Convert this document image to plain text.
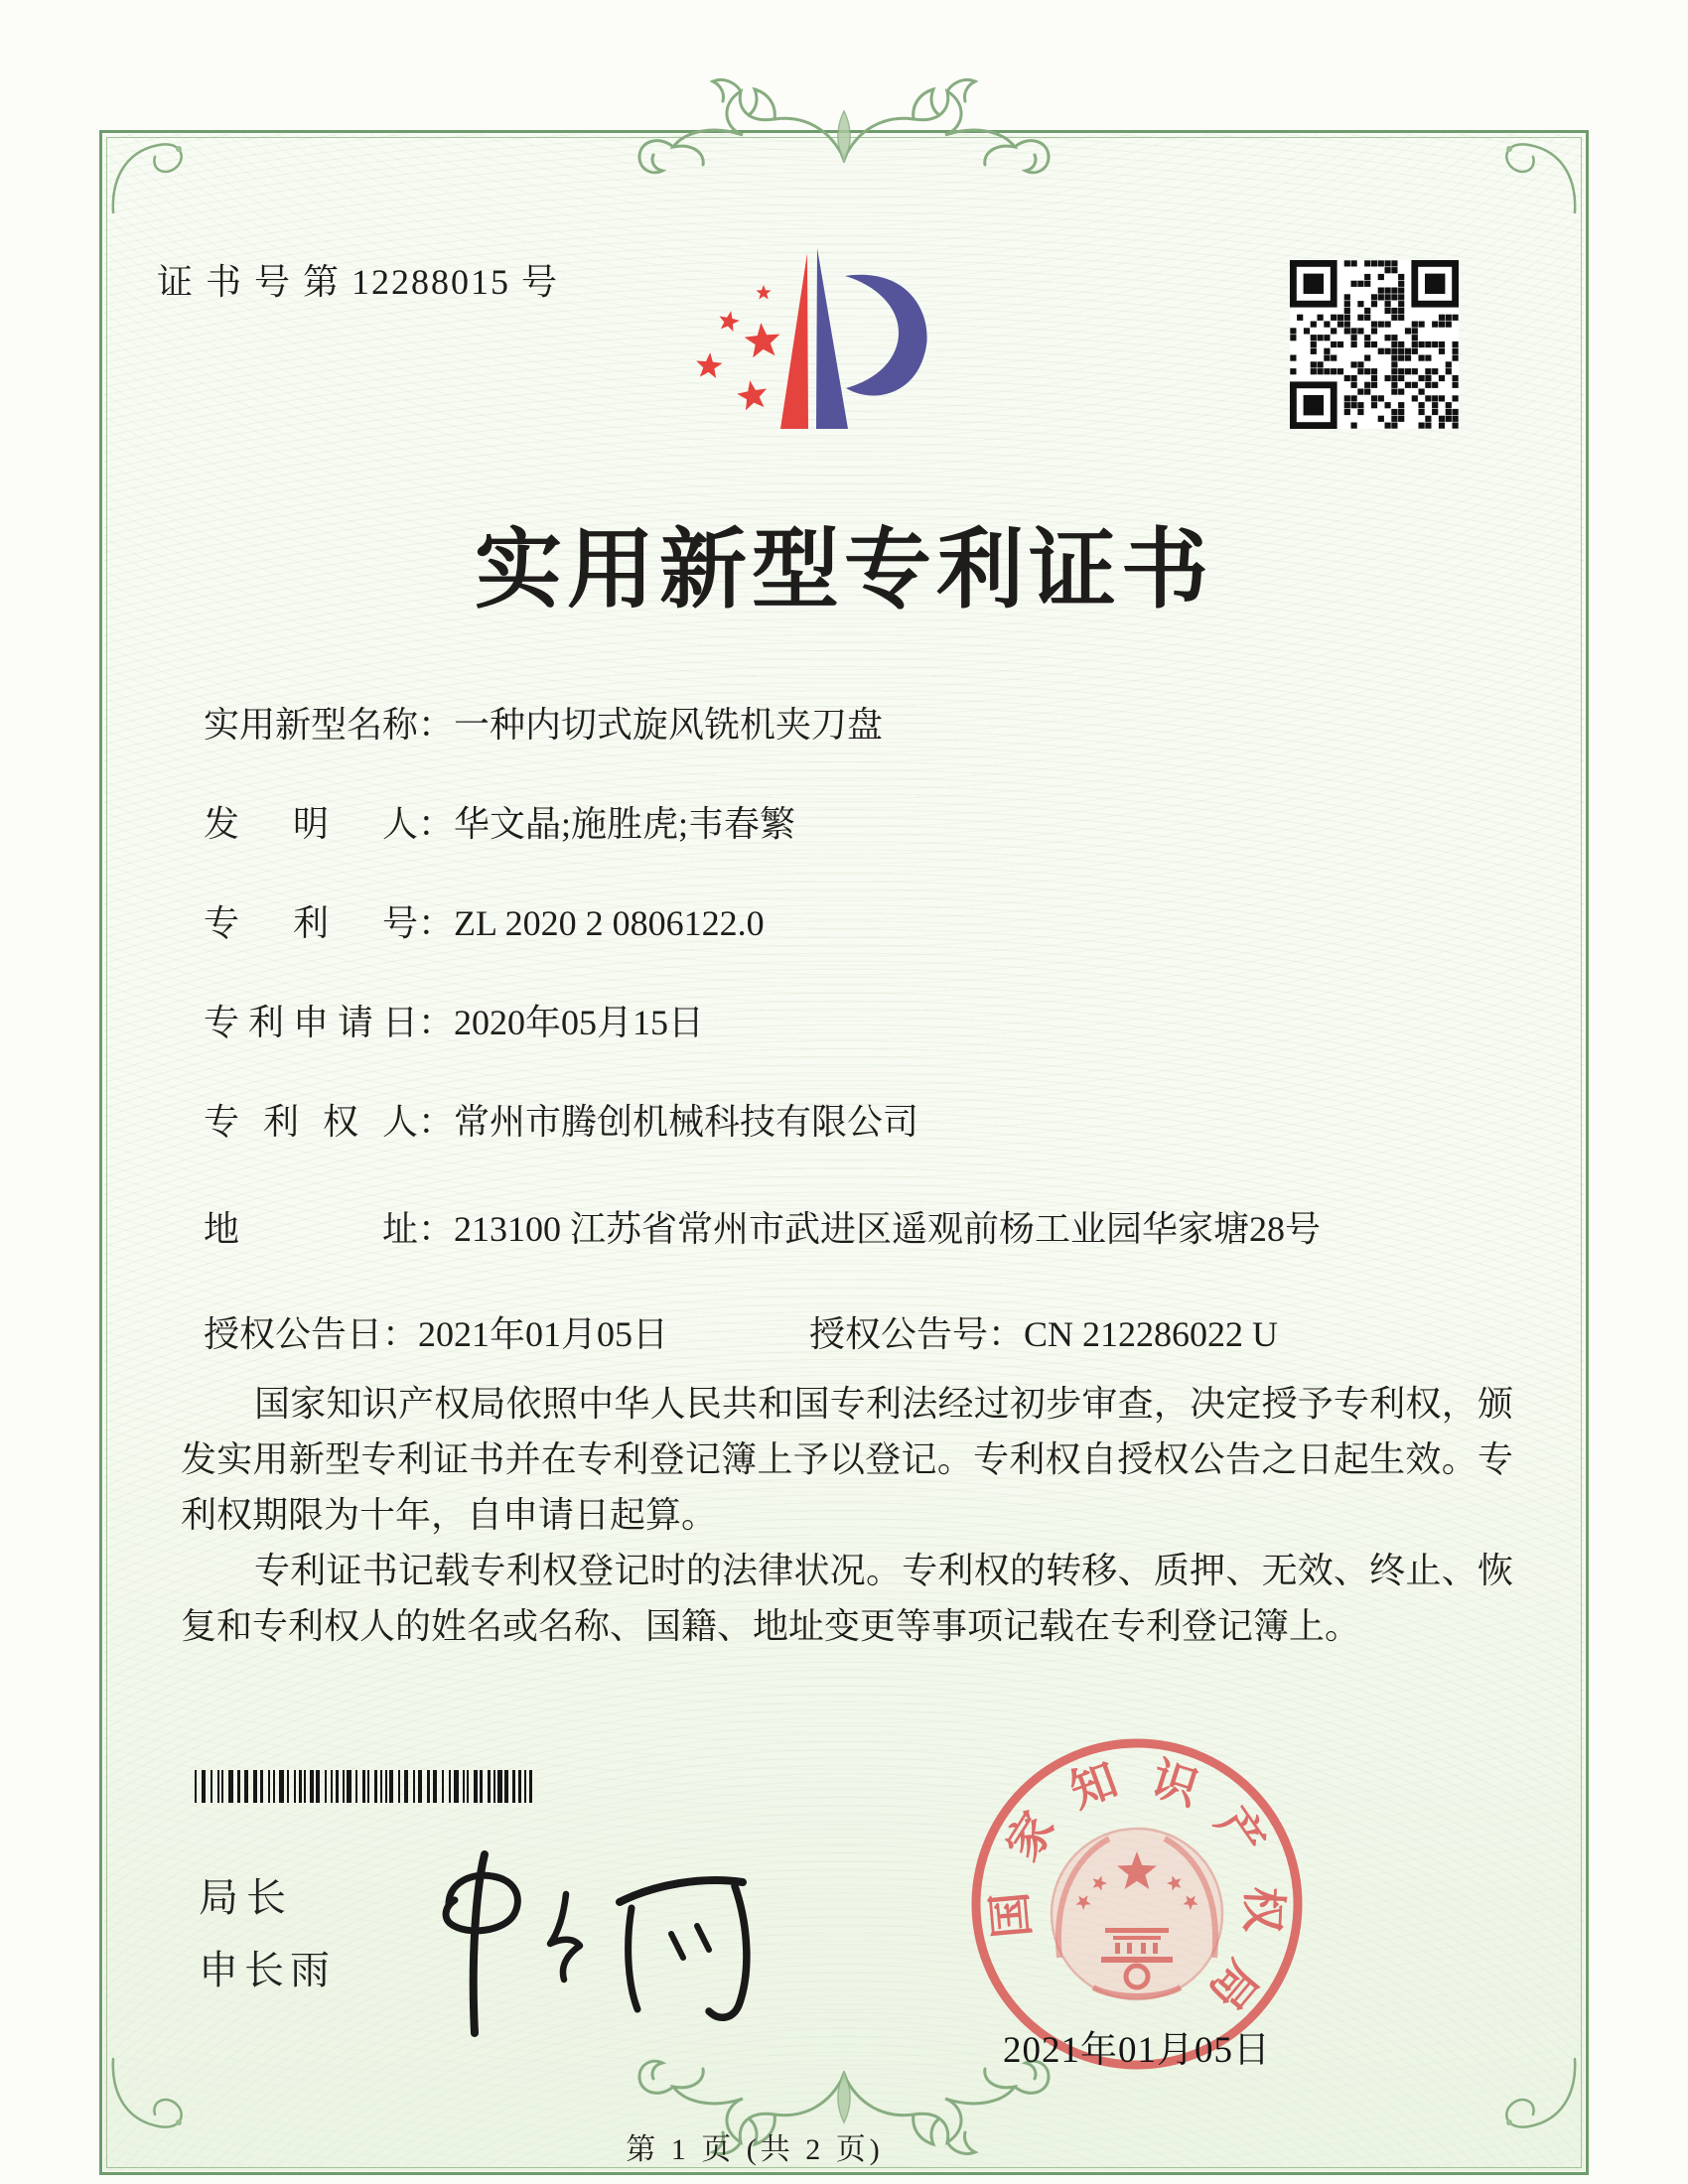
证 书 号 第 12288015 号
实用新型专利证书
实用新型名称：一种内切式旋风铣机夹刀盘
发明人：华文晶;施胜虎;韦春繁
专利号：ZL 2020 2 0806122.0
专利申请日：2020年05月15日
专利权人：常州市腾创机械科技有限公司
地址：213100 江苏省常州市武进区遥观前杨工业园华家塘28号
授权公告日：2021年01月05日	授权公告号：CN 212286022 U

国家知识产权局依照中华人民共和国专利法经过初步审查，决定授予专利权，颁发实用新型专利证书并在专利登记簿上予以登记。专利权自授权公告之日起生效。专利权期限为十年，自申请日起算。

专利证书记载专利权登记时的法律状况。专利权的转移、质押、无效、终止、恢复和专利权人的姓名或名称、国籍、地址变更等事项记载在专利登记簿上。

局长
申长雨
国
家
知 识
产
权
局
2021年01月05日
第 1 页 (共 2 页)
